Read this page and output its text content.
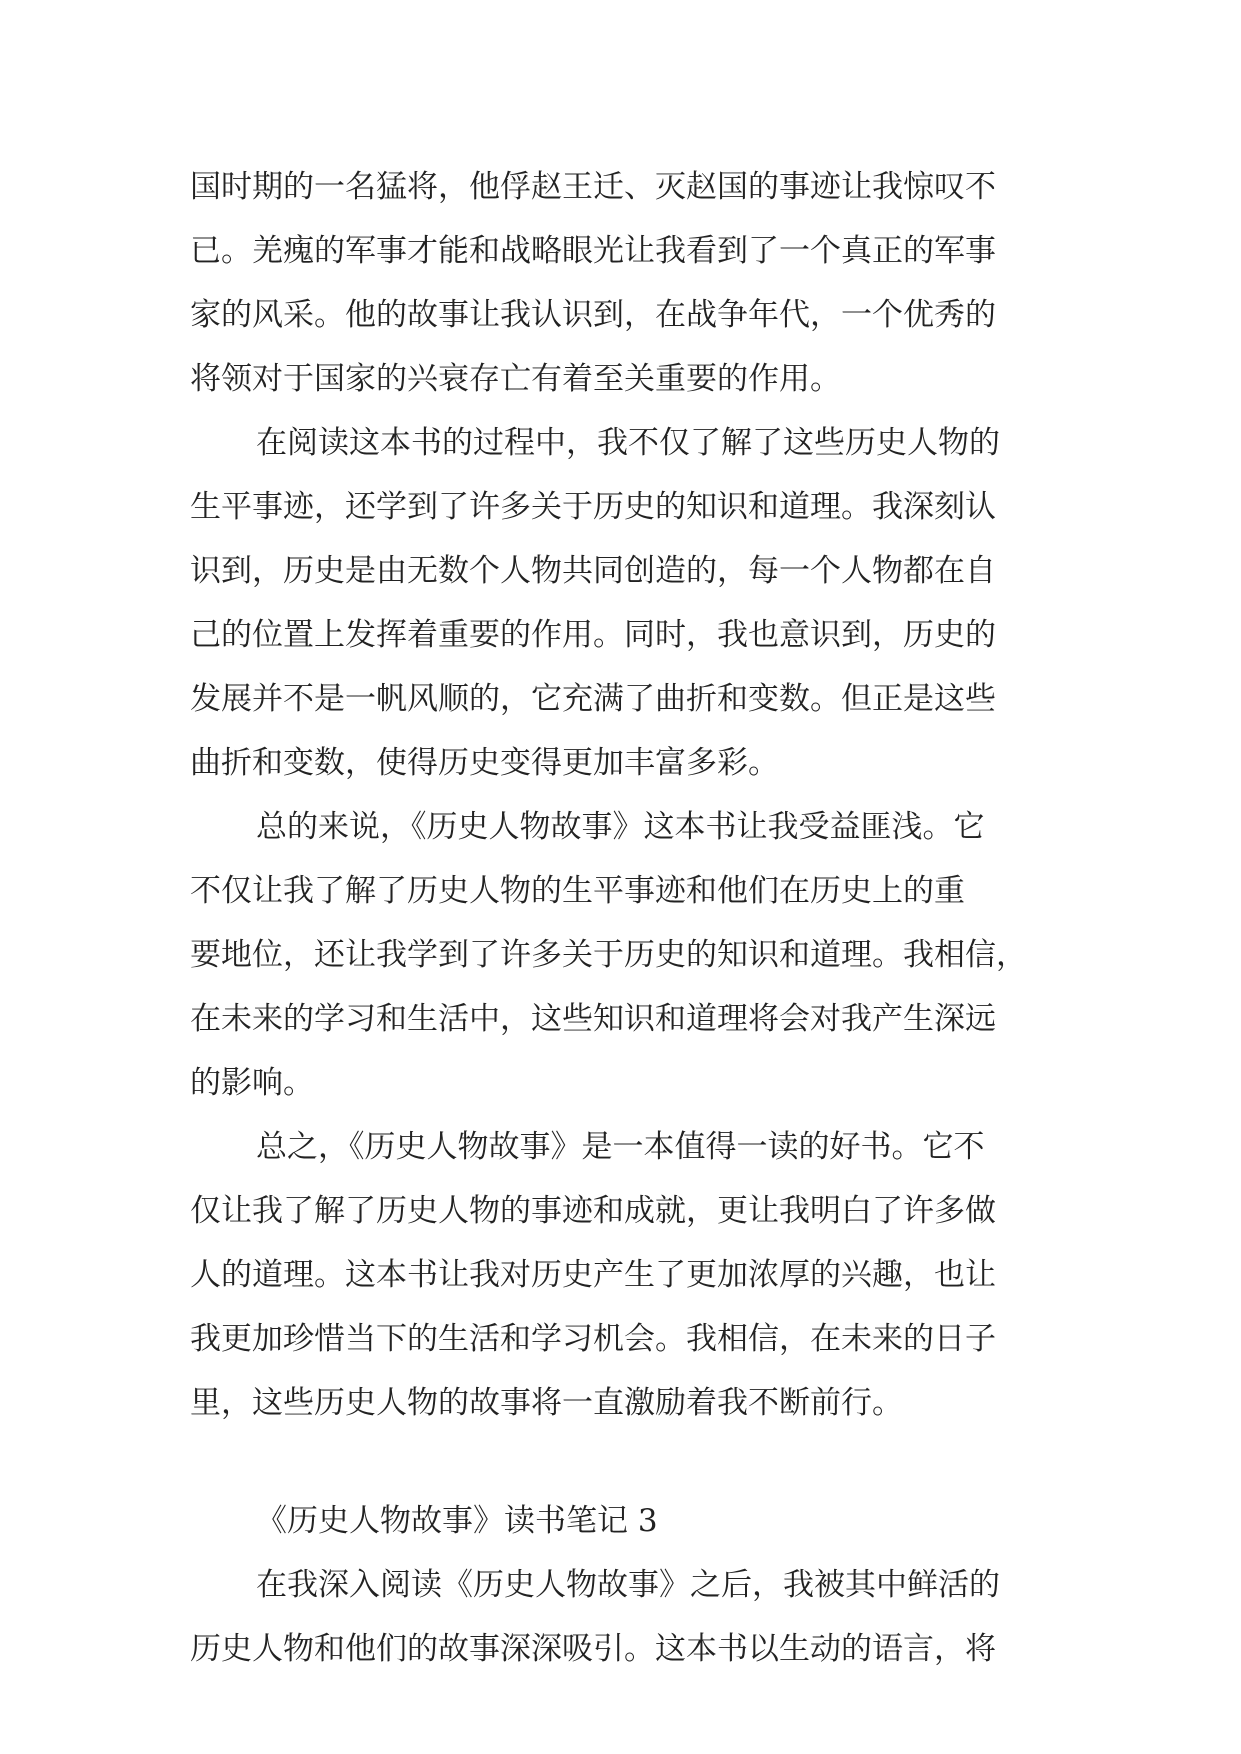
国时期的一名猛将，他俘赵王迁、灭赵国的事迹让我惊叹不
已。羌瘣的军事才能和战略眼光让我看到了一个真正的军事
家的风采。他的故事让我认识到，在战争年代，一个优秀的
将领对于国家的兴衰存亡有着至关重要的作用。
在阅读这本书的过程中，我不仅了解了这些历史人物的
生平事迹，还学到了许多关于历史的知识和道理。我深刻认
识到，历史是由无数个人物共同创造的，每一个人物都在自
己的位置上发挥着重要的作用。同时，我也意识到，历史的
发展并不是一帆风顺的，它充满了曲折和变数。但正是这些
曲折和变数，使得历史变得更加丰富多彩。
总的来说，《历史人物故事》这本书让我受益匪浅。它
不仅让我了解了历史人物的生平事迹和他们在历史上的重
要地位，还让我学到了许多关于历史的知识和道理。我相信，
在未来的学习和生活中，这些知识和道理将会对我产生深远
的影响。
总之，《历史人物故事》是一本值得一读的好书。它不
仅让我了解了历史人物的事迹和成就，更让我明白了许多做
人的道理。这本书让我对历史产生了更加浓厚的兴趣，也让
我更加珍惜当下的生活和学习机会。我相信，在未来的日子
里，这些历史人物的故事将一直激励着我不断前行。
《历史人物故事》读书笔记 3
在我深入阅读《历史人物故事》之后，我被其中鲜活的
历史人物和他们的故事深深吸引。这本书以生动的语言，将
